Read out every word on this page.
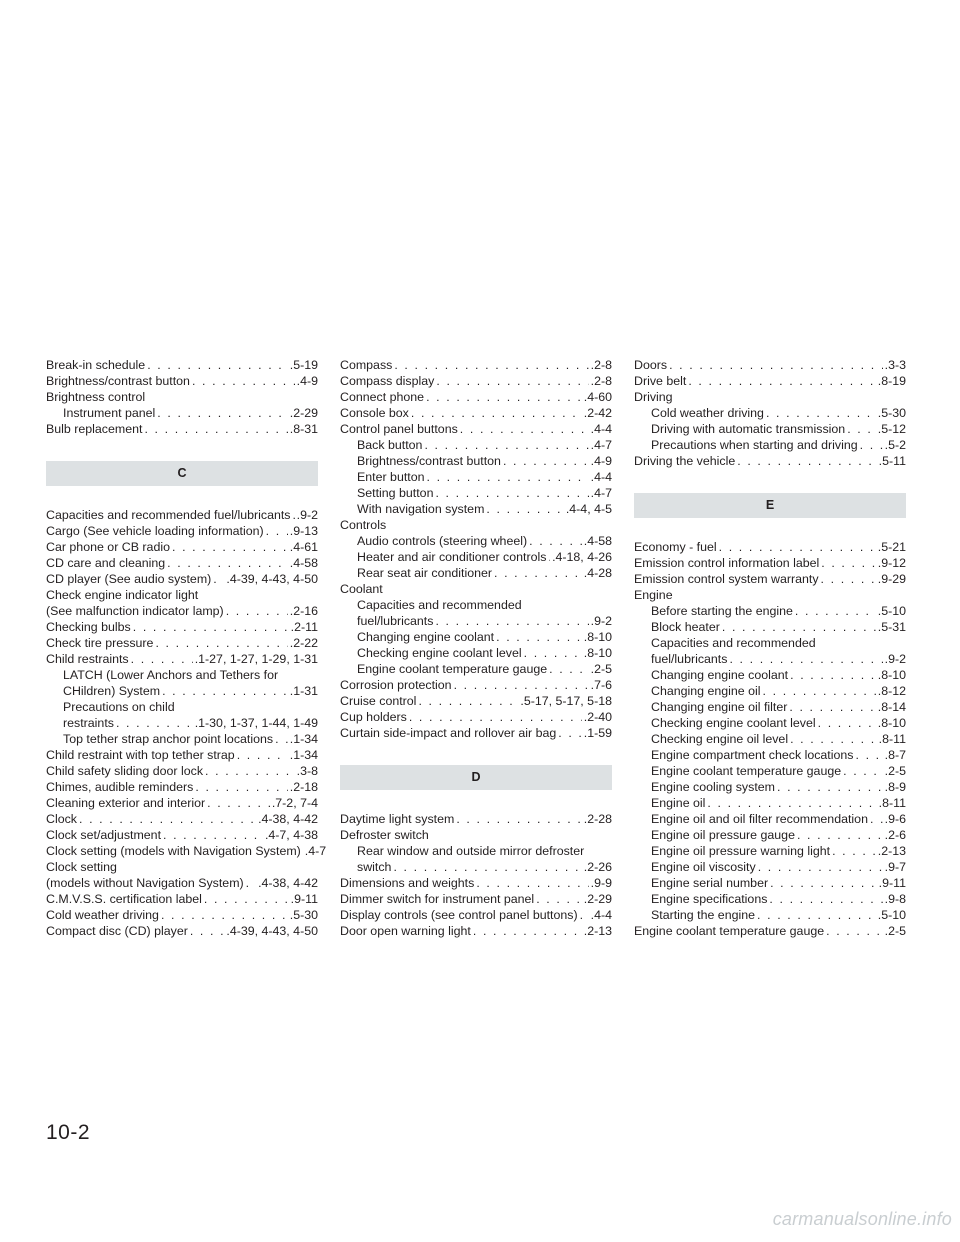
Break-in schedule . . .	.5-19
Brightness/contrast button . . .	.4-9
Brightness control
Instrument panel . . .	.2-29
Bulb replacement . . .	.8-31
C
Capacities and recommended fuel/lubricants . . . .9-2
Cargo (See vehicle loading information) . . . .9-13
Car phone or CB radio . . .	.4-61
CD care and cleaning . . .	.4-58
CD player (See audio system) . . . .4-39, 4-43, 4-50
Check engine indicator light
(See malfunction indicator lamp) . . .	.2-16
Checking bulbs . . .	.2-11
Check tire pressure . . .	.2-22
Child restraints . . .	.1-27, 1-27, 1-29, 1-31
LATCH (Lower Anchors and Tethers for
CHildren) System . . .	.1-31
Precautions on child
restraints . . .	.1-30, 1-37, 1-44, 1-49
Top tether strap anchor point locations . . . .1-34
Child restraint with top tether strap . . .	.1-34
Child safety sliding door lock . . .	.3-8
Chimes, audible reminders . . .	.2-18
Cleaning exterior and interior . . .	.7-2, 7-4
Clock . . .	.4-38, 4-42
Clock set/adjustment . . .	.4-7, 4-38
Clock setting (models with Navigation System) .4-7
Clock setting
(models without Navigation System) . . . .4-38, 4-42
C.M.V.S.S. certification label . . .	.9-11
Cold weather driving . . .	.5-30
Compact disc (CD) player . . .	.4-39, 4-43, 4-50
Compass . . .	.2-8
Compass display . . .	.2-8
Connect phone . . .	.4-60
Console box . . .	.2-42
Control panel buttons . . .	.4-4
Back button . . .	.4-7
Brightness/contrast button . . .	.4-9
Enter button . . .	.4-4
Setting button . . .	.4-7
With navigation system . . .	.4-4, 4-5
Controls
Audio controls (steering wheel) . . .	.4-58
Heater and air conditioner controls . . . .4-18, 4-26
Rear seat air conditioner . . .	.4-28
Coolant
Capacities and recommended
fuel/lubricants . . .	.9-2
Changing engine coolant . . .	.8-10
Checking engine coolant level . . .	.8-10
Engine coolant temperature gauge . . .	.2-5
Corrosion protection . . .	.7-6
Cruise control . . .	.5-17, 5-17, 5-18
Cup holders . . .	.2-40
Curtain side-impact and rollover air bag . . . .1-59
D
Daytime light system . . .	.2-28
Defroster switch
Rear window and outside mirror defroster
switch . . .	.2-26
Dimensions and weights . . .	.9-9
Dimmer switch for instrument panel . . .	.2-29
Display controls (see control panel buttons) . . . .4-4
Door open warning light . . .	.2-13
Doors . . .	.3-3
Drive belt . . .	.8-19
Driving
Cold weather driving . . .	.5-30
Driving with automatic transmission . . .	.5-12
Precautions when starting and driving . . . .5-2
Driving the vehicle . . .	.5-11
E
Economy - fuel . . .	.5-21
Emission control information label . . .	.9-12
Emission control system warranty . . .	.9-29
Engine
Before starting the engine . . .	.5-10
Block heater . . .	.5-31
Capacities and recommended
fuel/lubricants . . .	.9-2
Changing engine coolant . . .	.8-10
Changing engine oil . . .	.8-12
Changing engine oil filter . . .	.8-14
Checking engine coolant level . . .	.8-10
Checking engine oil level . . .	.8-11
Engine compartment check locations . . .	.8-7
Engine coolant temperature gauge . . .	.2-5
Engine cooling system . . .	.8-9
Engine oil . . .	.8-11
Engine oil and oil filter recommendation . . . .9-6
Engine oil pressure gauge . . .	.2-6
Engine oil pressure warning light . . .	.2-13
Engine oil viscosity . . .	.9-7
Engine serial number . . .	.9-11
Engine specifications . . .	.9-8
Starting the engine . . .	.5-10
Engine coolant temperature gauge . . .	.2-5
10-2
carmanualsonline.info
